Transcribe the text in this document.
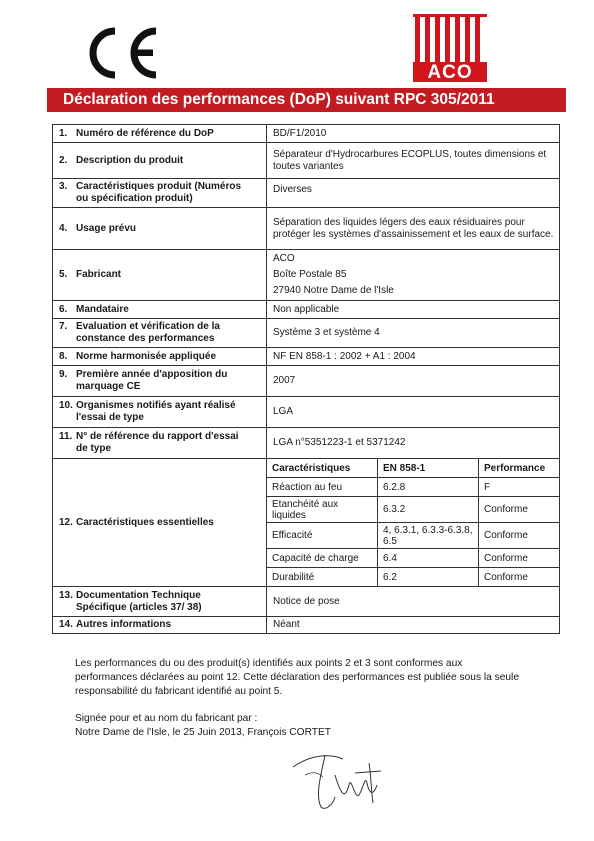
ACO
Déclaration des performances (DoP) suivant RPC 305/2011
1. Numéro de référence du DoP	BD/F1/2010
2. Description du produit	Séparateur d'Hydrocarbures ECOPLUS, toutes dimensions et toutes variantes
3. Caractéristiques produit (Numéros ou spécification produit)	Diverses
4. Usage prévu	Séparation des liquides légers des eaux résiduaires pour protéger les systèmes d'assainissement et les eaux de surface.
5. Fabricant	
ACO
Boîte Postale 85
27940 Notre Dame de l'Isle

6. Mandataire	Non applicable
7. Evaluation et vérification de la constance des performances	Système 3 et système 4
8. Norme harmonisée appliquée	NF EN 858-1 : 2002 + A1 : 2004
9. Première année d'apposition du marquage CE	2007
10. Organismes notifiés ayant réalisé l'essai de type	LGA
11. N° de référence du rapport d'essai de type	LGA n°5351223-1 et 5371242
12. Caractéristiques essentielles	
Caractéristiques	EN 858-1	Performance
Réaction au feu	6.2.8	F
Etanchéité aux liquides	6.3.2	Conforme
Efficacité	4, 6.3.1, 6.3.3-6.3.8, 6.5	Conforme
Capacité de charge	6.4	Conforme
Durabilité	6.2	Conforme

13. Documentation Technique Spécifique (articles 37/ 38)	Notice de pose
14. Autres informations	Néant
Les performances du ou des produit(s) identifiés aux points 2 et 3 sont conformes aux performances déclarées au point 12. Cette déclaration des performances est publiée sous la seule responsabilité du fabricant identifié au point 5.
Signée pour et au nom du fabricant par :
Notre Dame de l'Isle, le 25 Juin 2013, François CORTET
